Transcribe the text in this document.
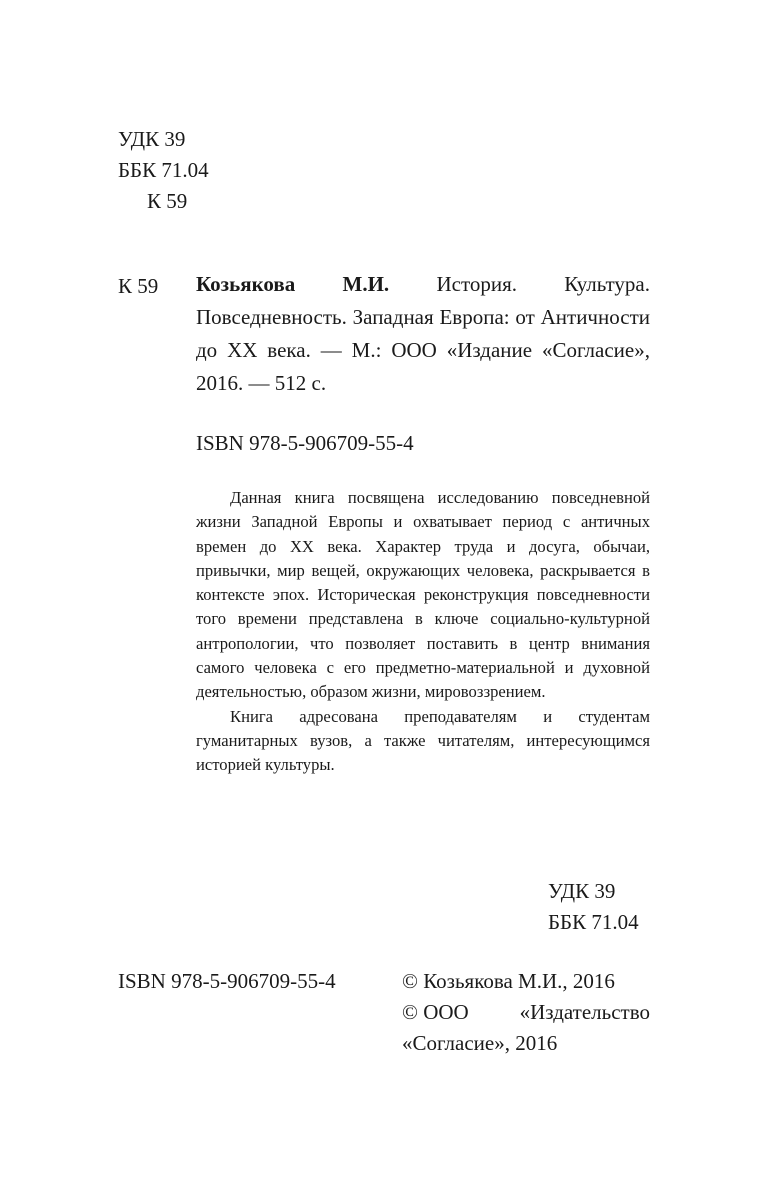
УДК 39
ББК 71.04
К 59
К 59 Козьякова М.И. История. Культура. Повседневность. Западная Европа: от Античности до XX века. — М.: ООО «Издание «Согласие», 2016. — 512 с.
ISBN 978-5-906709-55-4

Данная книга посвящена исследованию повседневной жизни Западной Европы и охватывает период с античных времен до XX века. Характер труда и досуга, обычаи, привычки, мир вещей, окружающих человека, раскрывается в контексте эпох. Историческая реконструкция повседневности того времени представлена в ключе социально-культурной антропологии, что позволяет поставить в центр внимания самого человека с его предметно-материальной и духовной деятельностью, образом жизни, мировоззрением.

Книга адресована преподавателям и студентам гуманитарных вузов, а также читателям, интересующимся историей культуры.

УДК 39
ББК 71.04
ISBN 978-5-906709-55-4	© Козьякова М.И., 2016
© ООО «Издательство
«Согласие», 2016
